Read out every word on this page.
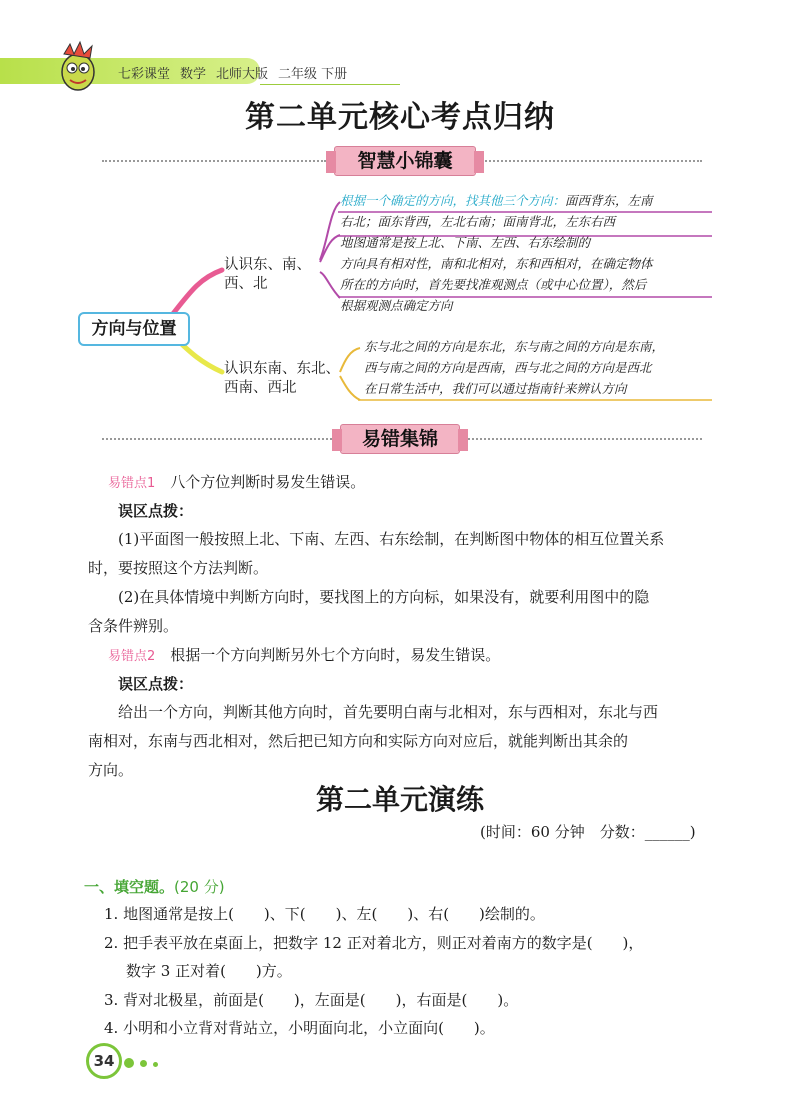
七彩课堂 数学 北师大版 二年级 下册
第二单元核心考点归纳
智慧小锦囊
方向与位置
认识东、南、
西、北
根据一个确定的方向，找其他三个方向：面西背东，左南
右北；面东背西，左北右南；面南背北，左东右西
地图通常是按上北、下南、左西、右东绘制的
方向具有相对性，南和北相对，东和西相对，在确定物体
所在的方向时，首先要找准观测点（或中心位置），然后
根据观测点确定方向
认识东南、东北、
西南、西北
东与北之间的方向是东北，东与南之间的方向是东南，
西与南之间的方向是西南，西与北之间的方向是西北
在日常生活中，我们可以通过指南针来辨认方向
易错集锦
易错点1　 八个方位判断时易发生错误。
误区点拨：
(1)平面图一般按照上北、下南、左西、右东绘制，在判断图中物体的相互位置关系
时，要按照这个方法判断。
(2)在具体情境中判断方向时，要找图上的方向标，如果没有，就要利用图中的隐
含条件辨别。
易错点2　 根据一个方向判断另外七个方向时，易发生错误。
误区点拨：
给出一个方向，判断其他方向时，首先要明白南与北相对，东与西相对，东北与西
南相对，东南与西北相对，然后把已知方向和实际方向对应后，就能判断出其余的
方向。
第二单元演练
(时间：60 分钟　分数：______)
一、填空题。(20 分)
1. 地图通常是按上(　　)、下(　　)、左(　　)、右(　　)绘制的。
2. 把手表平放在桌面上，把数字 12 正对着北方，则正对着南方的数字是(　　)，
数字 3 正对着(　　)方。
3. 背对北极星，前面是(　　)，左面是(　　)，右面是(　　)。
4. 小明和小立背对背站立，小明面向北，小立面向(　　)。
34
